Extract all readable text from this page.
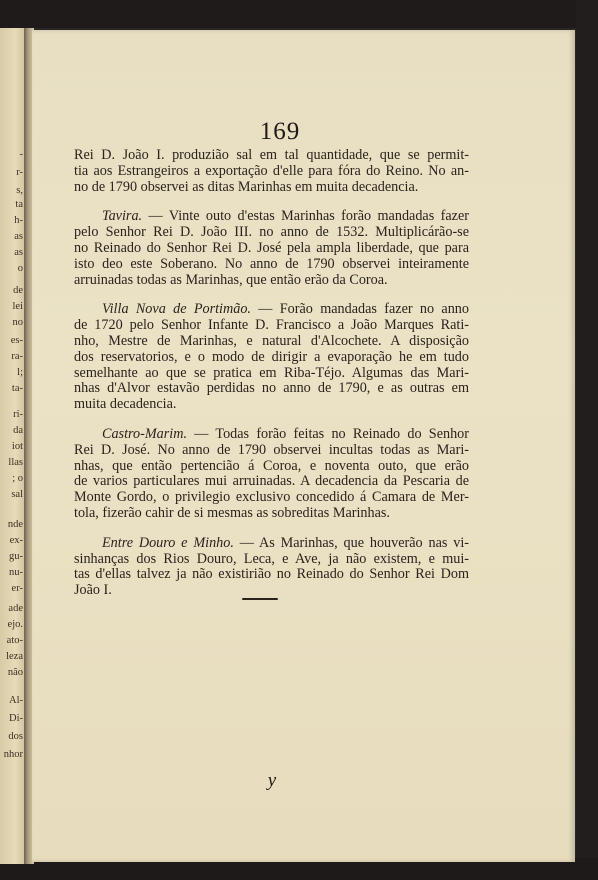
-
r-
s,
ta
h-
as
as
o
de
lei
no
es-
ra-
l;
ta-
ri-
da
iot
llas
; o
sal
nde
ex-
gu-
nu-
er-
ade
ejo.
ato-
leza
não
Al-
Di-
dos
nhor

169
Rei D. João I. produzião sal em tal quantidade, que se permit-
tia aos Estrangeiros a exportação d'elle para fóra do Reino. No an-
no de 1790 observei as ditas Marinhas em muita decadencia.
Tavira. — Vinte outo d'estas Marinhas forão mandadas fazer
pelo Senhor Rei D. João III. no anno de 1532. Multiplicárão-se
no Reinado do Senhor Rei D. José pela ampla liberdade, que para
isto deo este Soberano. No anno de 1790 observei inteiramente
arruinadas todas as Marinhas, que então erão da Coroa.
Villa Nova de Portimão. — Forão mandadas fazer no anno
de 1720 pelo Senhor Infante D. Francisco a João Marques Rati-
nho, Mestre de Marinhas, e natural d'Alcochete. A disposição
dos reservatorios, e o modo de dirigir a evaporação he em tudo
semelhante ao que se pratica em Riba-Téjo. Algumas das Mari-
nhas d'Alvor estavão perdidas no anno de 1790, e as outras em
muita decadencia.
Castro-Marim. — Todas forão feitas no Reinado do Senhor
Rei D. José. No anno de 1790 observei incultas todas as Mari-
nhas, que então pertencião á Coroa, e noventa outo, que erão
de varios particulares mui arruinadas. A decadencia da Pescaria de
Monte Gordo, o privilegio exclusivo concedido á Camara de Mer-
tola, fizerão cahir de si mesmas as sobreditas Marinhas.
Entre Douro e Minho. — As Marinhas, que houverão nas vi-
sinhanças dos Rios Douro, Leca, e Ave, ja não existem, e mui-
tas d'ellas talvez ja não existirião no Reinado do Senhor Rei Dom
João I.
y
